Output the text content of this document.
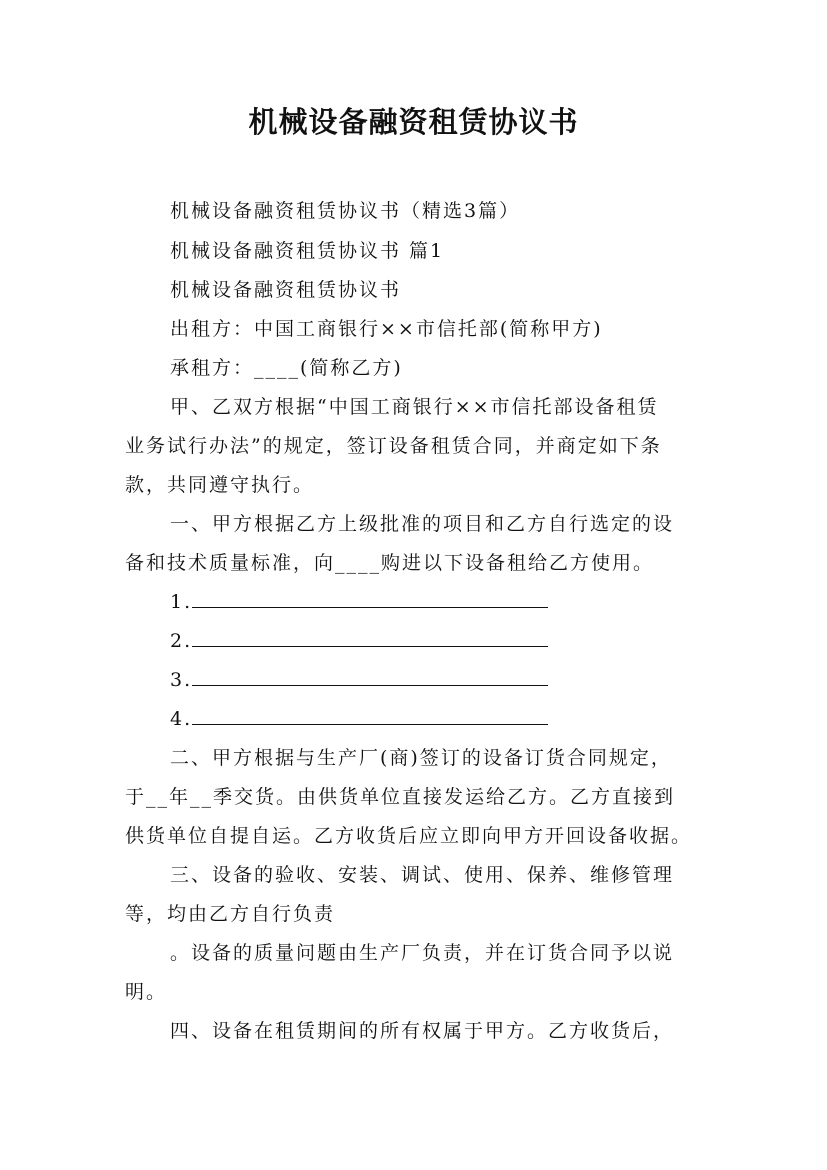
机械设备融资租赁协议书
机械设备融资租赁协议书（精选3篇）
机械设备融资租赁协议书 篇1
机械设备融资租赁协议书
出租方：中国工商银行××市信托部(简称甲方)
承租方：____(简称乙方)
甲、乙双方根据“中国工商银行××市信托部设备租赁
业务试行办法”的规定，签订设备租赁合同，并商定如下条
款，共同遵守执行。
一、甲方根据乙方上级批准的项目和乙方自行选定的设
备和技术质量标准，向____购进以下设备租给乙方使用。
1.
2.
3.
4.
二、甲方根据与生产厂(商)签订的设备订货合同规定，
于__年__季交货。由供货单位直接发运给乙方。乙方直接到
供货单位自提自运。乙方收货后应立即向甲方开回设备收据。
三、设备的验收、安装、调试、使用、保养、维修管理
等，均由乙方自行负责
。设备的质量问题由生产厂负责，并在订货合同予以说
明。
四、设备在租赁期间的所有权属于甲方。乙方收货后，
